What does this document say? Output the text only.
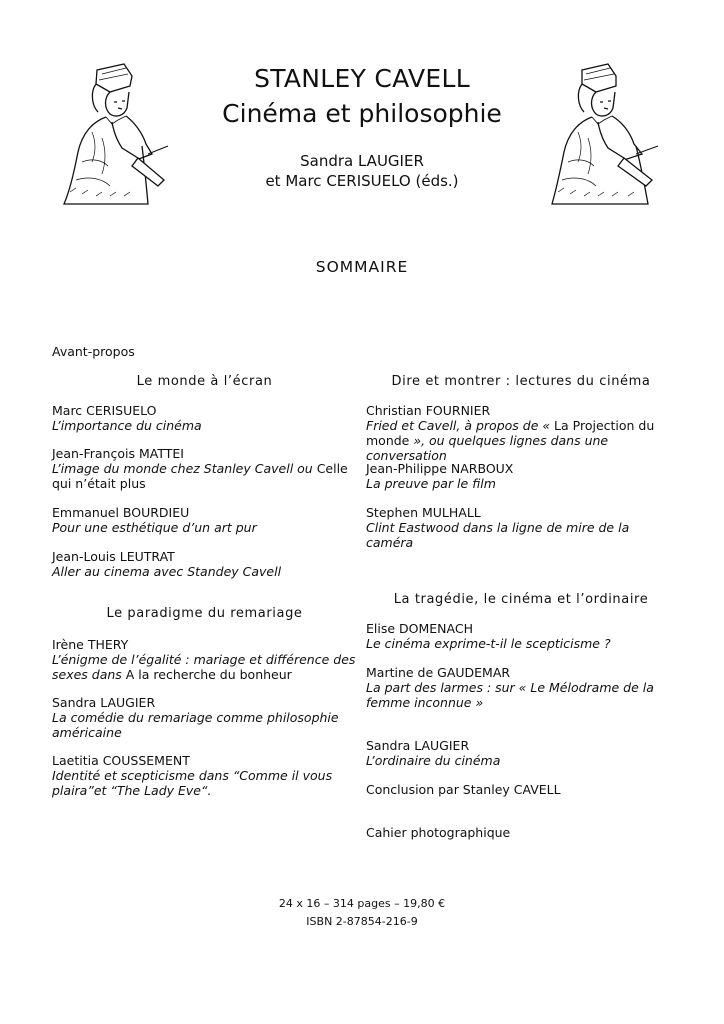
STANLEY CAVELL
Cinéma et philosophie
Sandra LAUGIER
et Marc CERISUELO (éds.)
SOMMAIRE
Avant-propos
Le monde à l’écran
Marc CERISUELO
L’importance du cinéma
Jean-François MATTEI
L’image du monde chez Stanley Cavell ou Celle qui n’était plus
Emmanuel BOURDIEU
Pour une esthétique d’un art pur
Jean-Louis LEUTRAT
Aller au cinema avec Standey Cavell
Le paradigme du remariage
Irène THERY
L’énigme de l’égalité : mariage et différence des sexes dans A la recherche du bonheur
Sandra LAUGIER
La comédie du remariage comme philosophie américaine
Laetitia COUSSEMENT
Identité et scepticisme dans “Comme il vous plaira”et “The Lady Eve“.
Dire et montrer : lectures du cinéma
Christian FOURNIER
Fried et Cavell, à propos de « La Projection du monde », ou quelques lignes dans une conversation
Jean-Philippe NARBOUX
La preuve par le film
Stephen MULHALL
Clint Eastwood dans la ligne de mire de la caméra
La tragédie, le cinéma et l’ordinaire
Elise DOMENACH
Le cinéma exprime-t-il le scepticisme ?
Martine de GAUDEMAR
La part des larmes : sur « Le Mélodrame de la femme inconnue »
Sandra LAUGIER
L’ordinaire du cinéma
Conclusion par Stanley CAVELL
Cahier photographique
24 x 16 – 314 pages – 19,80 €
ISBN 2-87854-216-9
